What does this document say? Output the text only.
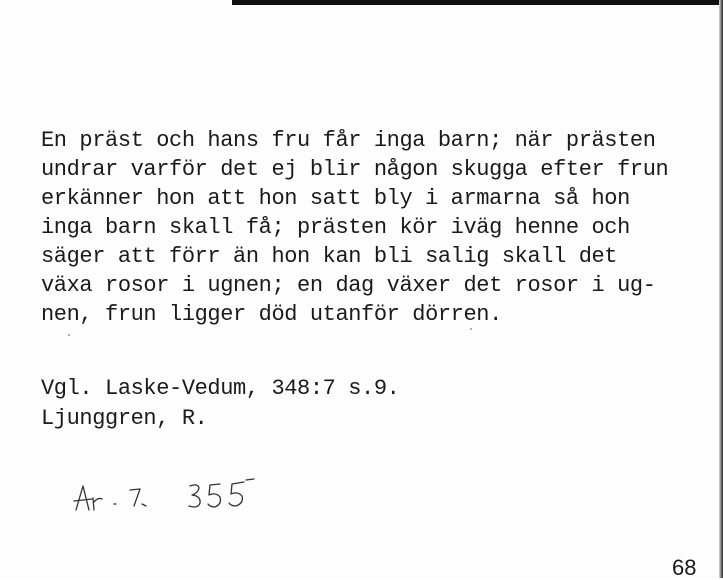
En präst och hans fru får inga barn; när prästen
undrar varför det ej blir någon skugga efter frun
erkänner hon att hon satt bly i armarna så hon
inga barn skall få; prästen kör iväg henne och
säger att förr än hon kan bli salig skall det
växa rosor i ugnen; en dag växer det rosor i ug-
nen, frun ligger död utanför dörren.
Vgl. Laske-Vedum, 348:7 s.9.
Ljunggren, R.
68
